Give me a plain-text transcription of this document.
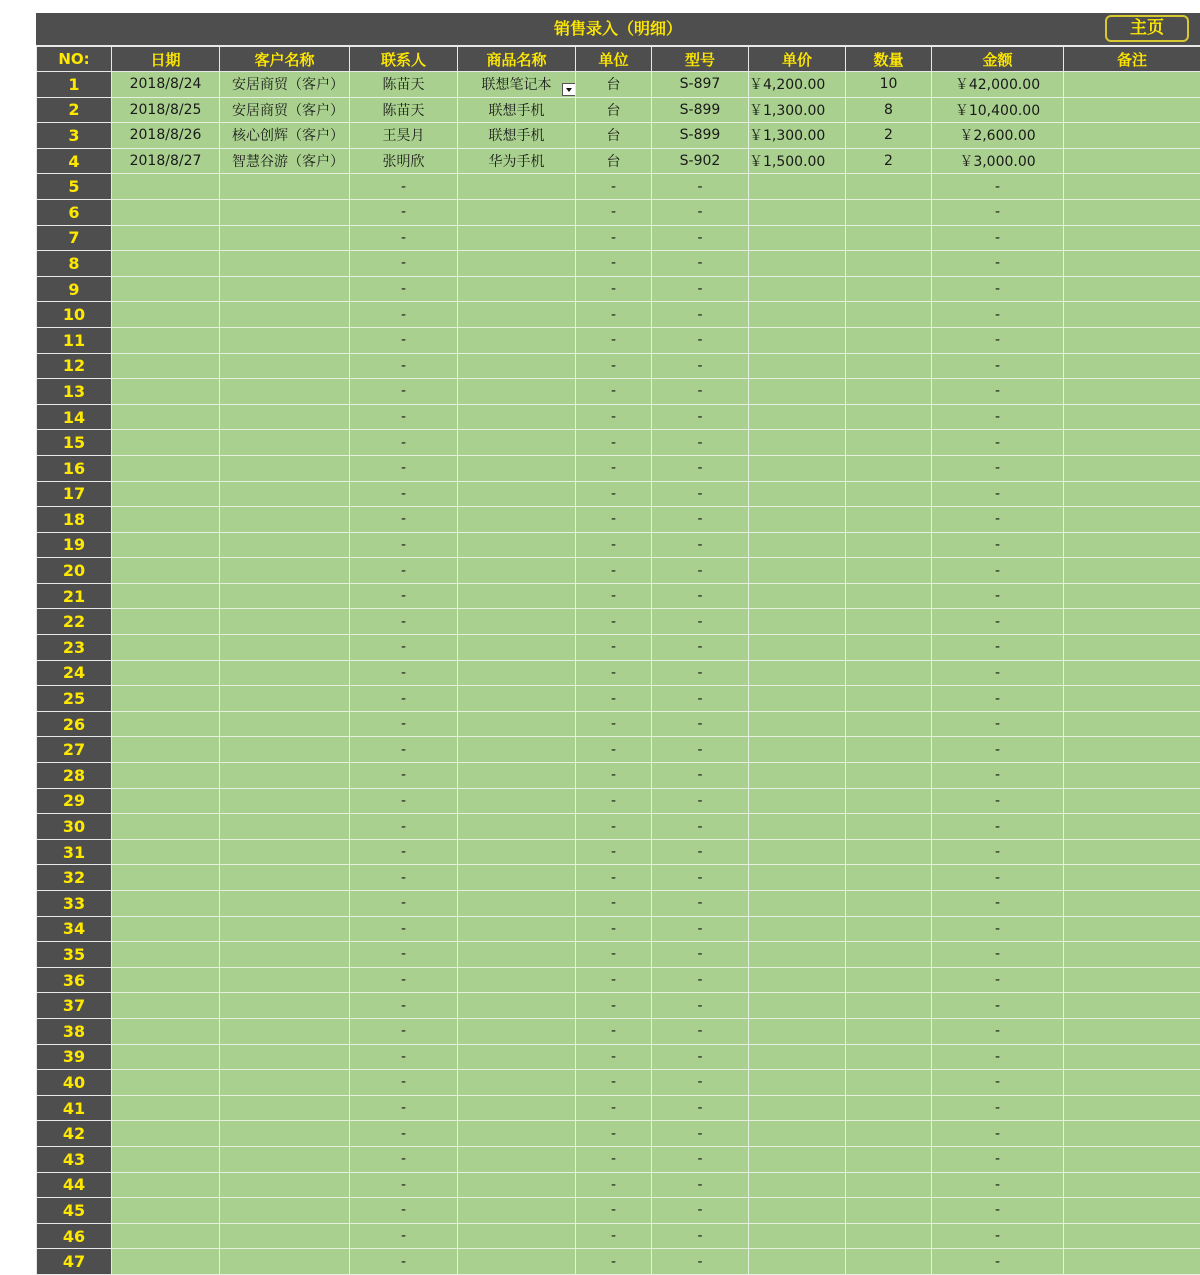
销售录入（明细）	主页
NO:	日期	客户名称	联系人	商品名称	单位	型号	单价	数量	金额	备注
1	2018/8/24	安居商贸（客户）	陈苗天	联想笔记本	台	S-897	￥4,200.00	10	￥42,000.00	
2	2018/8/25	安居商贸（客户）	陈苗天	联想手机	台	S-899	￥1,300.00	8	￥10,400.00	
3	2018/8/26	核心创辉（客户）	王昊月	联想手机	台	S-899	￥1,300.00	2	￥2,600.00	
4	2018/8/27	智慧谷游（客户）	张明欣	华为手机	台	S-902	￥1,500.00	2	￥3,000.00	
5			-		-	-			-	
6			-		-	-			-	
7			-		-	-			-	
8			-		-	-			-	
9			-		-	-			-	
10			-		-	-			-	
11			-		-	-			-	
12			-		-	-			-	
13			-		-	-			-	
14			-		-	-			-	
15			-		-	-			-	
16			-		-	-			-	
17			-		-	-			-	
18			-		-	-			-	
19			-		-	-			-	
20			-		-	-			-	
21			-		-	-			-	
22			-		-	-			-	
23			-		-	-			-	
24			-		-	-			-	
25			-		-	-			-	
26			-		-	-			-	
27			-		-	-			-	
28			-		-	-			-	
29			-		-	-			-	
30			-		-	-			-	
31			-		-	-			-	
32			-		-	-			-	
33			-		-	-			-	
34			-		-	-			-	
35			-		-	-			-	
36			-		-	-			-	
37			-		-	-			-	
38			-		-	-			-	
39			-		-	-			-	
40			-		-	-			-	
41			-		-	-			-	
42			-		-	-			-	
43			-		-	-			-	
44			-		-	-			-	
45			-		-	-			-	
46			-		-	-			-	
47			-		-	-			-	
